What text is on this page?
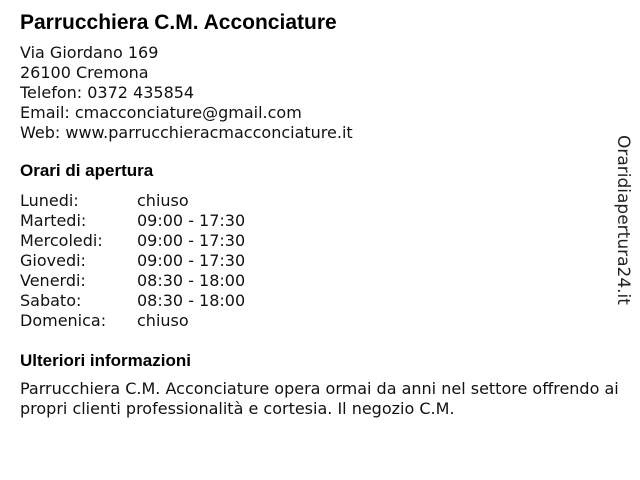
Parrucchiera C.M. Acconciature
Via Giordano 169
26100 Cremona
Telefon: 0372 435854
Email: cmacconciature@gmail.com
Web: www.parrucchieracmacconciature.it
Orari di apertura
Lunedi:	chiuso
Martedi:	09:00 - 17:30
Mercoledi:	09:00 - 17:30
Giovedi:	09:00 - 17:30
Venerdi:	08:30 - 18:00
Sabato:	08:30 - 18:00
Domenica:	chiuso
Ulteriori informazioni

Parrucchiera C.M. Acconciature opera ormai da anni nel settore offrendo ai propri clienti professionalità e cortesia. Il negozio C.M.

Oraridiapertura24.it
